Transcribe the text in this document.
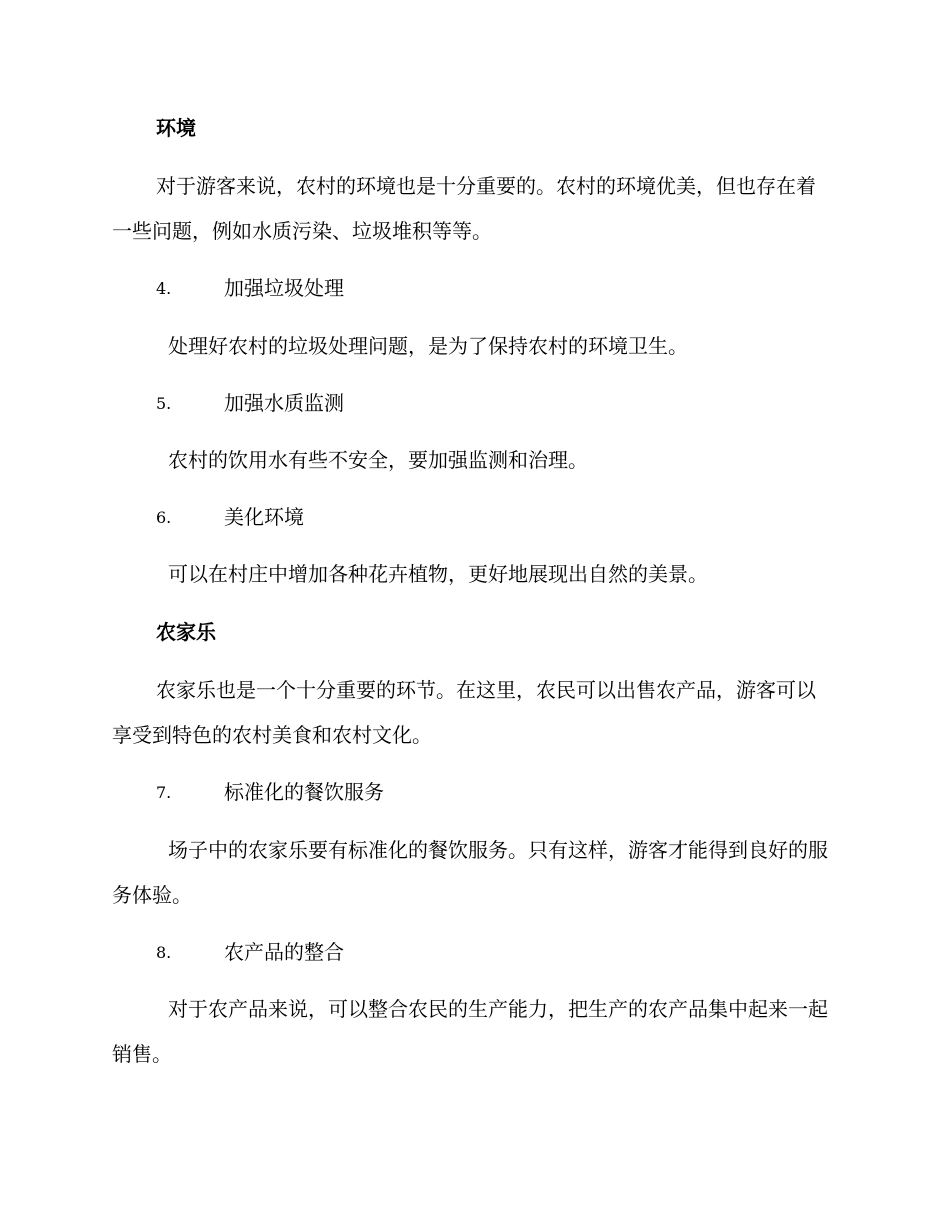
环境

对于游客来说，农村的环境也是十分重要的。农村的环境优美，但也存在着一些问题，例如水质污染、垃圾堆积等等。

4.	加强垃圾处理
处理好农村的垃圾处理问题，是为了保持农村的环境卫生。
5.	加强水质监测
农村的饮用水有些不安全，要加强监测和治理。
6.	美化环境
可以在村庄中增加各种花卉植物，更好地展现出自然的美景。
农家乐

农家乐也是一个十分重要的环节。在这里，农民可以出售农产品，游客可以享受到特色的农村美食和农村文化。

7.	标准化的餐饮服务

场子中的农家乐要有标准化的餐饮服务。只有这样，游客才能得到良好的服务体验。

8.	农产品的整合

对于农产品来说，可以整合农民的生产能力，把生产的农产品集中起来一起销售。
